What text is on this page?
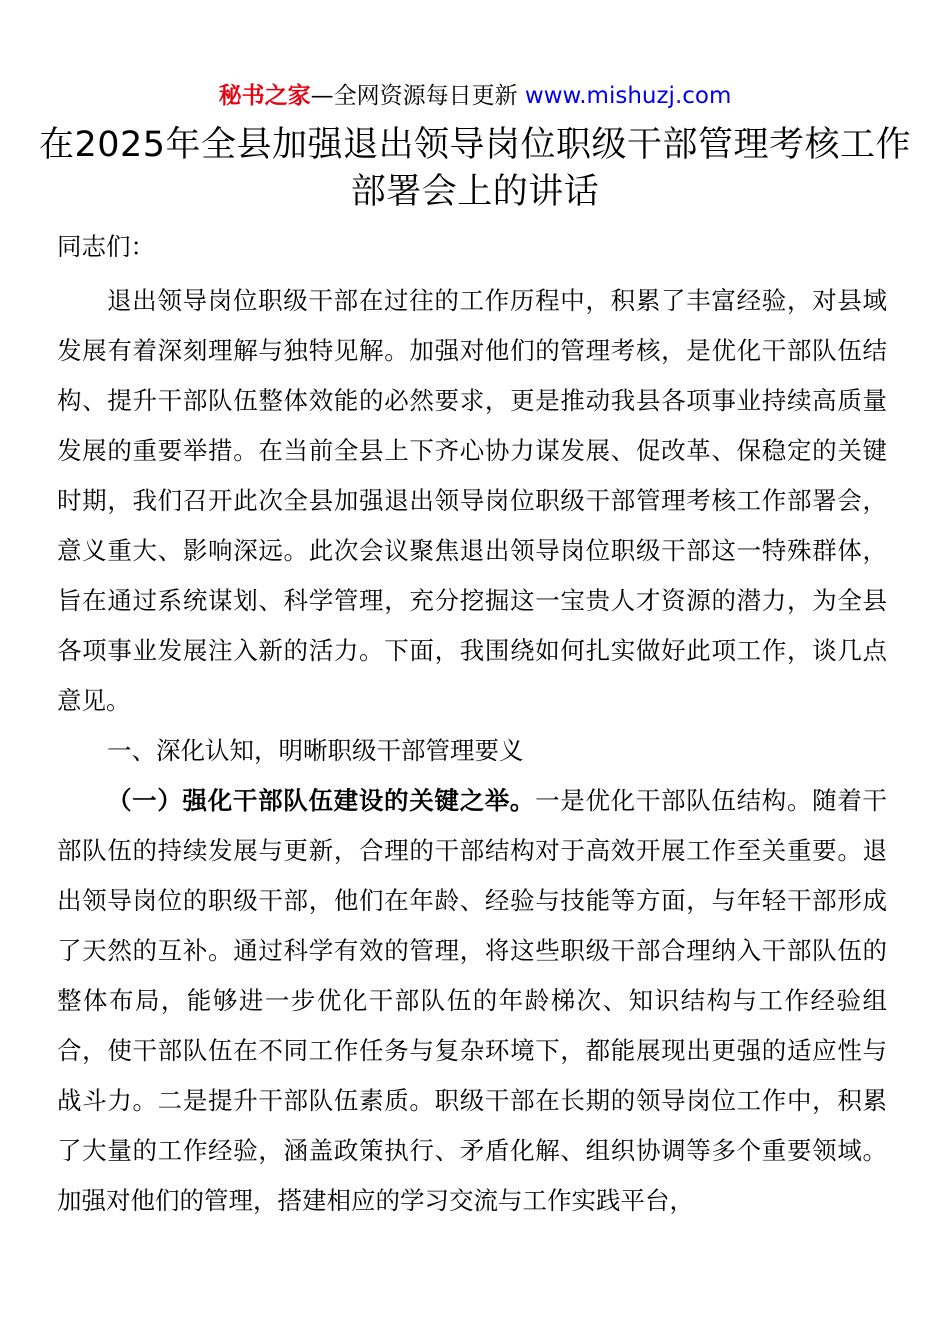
秘书之家—全网资源每日更新 www.mishuzj.com
在2025年全县加强退出领导岗位职级干部管理考核工作部署会上的讲话

同志们：

退出领导岗位职级干部在过往的工作历程中，积累了丰富经验，对县域发展有着深刻理解与独特见解。加强对他们的管理考核，是优化干部队伍结构、提升干部队伍整体效能的必然要求，更是推动我县各项事业持续高质量发展的重要举措。在当前全县上下齐心协力谋发展、促改革、保稳定的关键时期，我们召开此次全县加强退出领导岗位职级干部管理考核工作部署会，意义重大、影响深远。此次会议聚焦退出领导岗位职级干部这一特殊群体，旨在通过系统谋划、科学管理，充分挖掘这一宝贵人才资源的潜力，为全县各项事业发展注入新的活力。下面，我围绕如何扎实做好此项工作，谈几点意见。

一、深化认知，明晰职级干部管理要义

（一）强化干部队伍建设的关键之举。一是优化干部队伍结构。随着干部队伍的持续发展与更新，合理的干部结构对于高效开展工作至关重要。退出领导岗位的职级干部，他们在年龄、经验与技能等方面，与年轻干部形成了天然的互补。通过科学有效的管理，将这些职级干部合理纳入干部队伍的整体布局，能够进一步优化干部队伍的年龄梯次、知识结构与工作经验组合，使干部队伍在不同工作任务与复杂环境下，都能展现出更强的适应性与战斗力。二是提升干部队伍素质。职级干部在长期的领导岗位工作中，积累了大量的工作经验，涵盖政策执行、矛盾化解、组织协调等多个重要领域。加强对他们的管理，搭建相应的学习交流与工作实践平台，
